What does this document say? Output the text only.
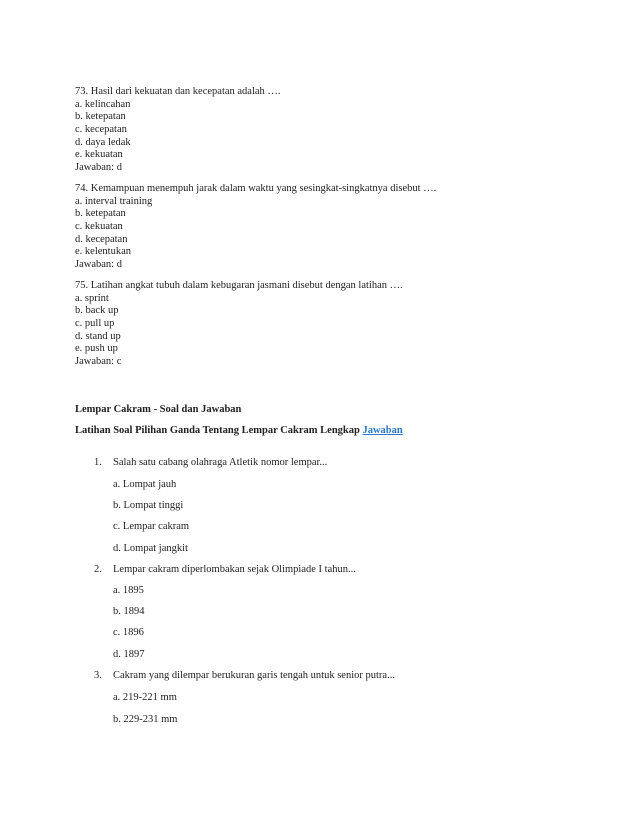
73. Hasil dari kekuatan dan kecepatan adalah ….
a. kelincahan
b. ketepatan
c. kecepatan
d. daya ledak
e. kekuatan
Jawaban: d
74. Kemampuan menempuh jarak dalam waktu yang sesingkat-singkatnya disebut ….
a. interval training
b. ketepatan
c. kekuatan
d. kecepatan
e. kelentukan
Jawaban: d
75. Latihan angkat tubuh dalam kebugaran jasmani disebut dengan latihan ….
a. sprint
b. back up
c. pull up
d. stand up
e. push up
Jawaban: c
Lempar Cakram - Soal dan Jawaban
Latihan Soal Pilihan Ganda Tentang Lempar Cakram Lengkap Jawaban
1. Salah satu cabang olahraga Atletik nomor lempar...
a. Lompat jauh
b. Lompat tinggi
c. Lempar cakram
d. Lompat jangkit
2. Lempar cakram diperlombakan sejak Olimpiade I tahun...
a. 1895
b. 1894
c. 1896
d. 1897
3. Cakram yang dilempar berukuran garis tengah untuk senior putra...
a. 219-221 mm
b. 229-231 mm
